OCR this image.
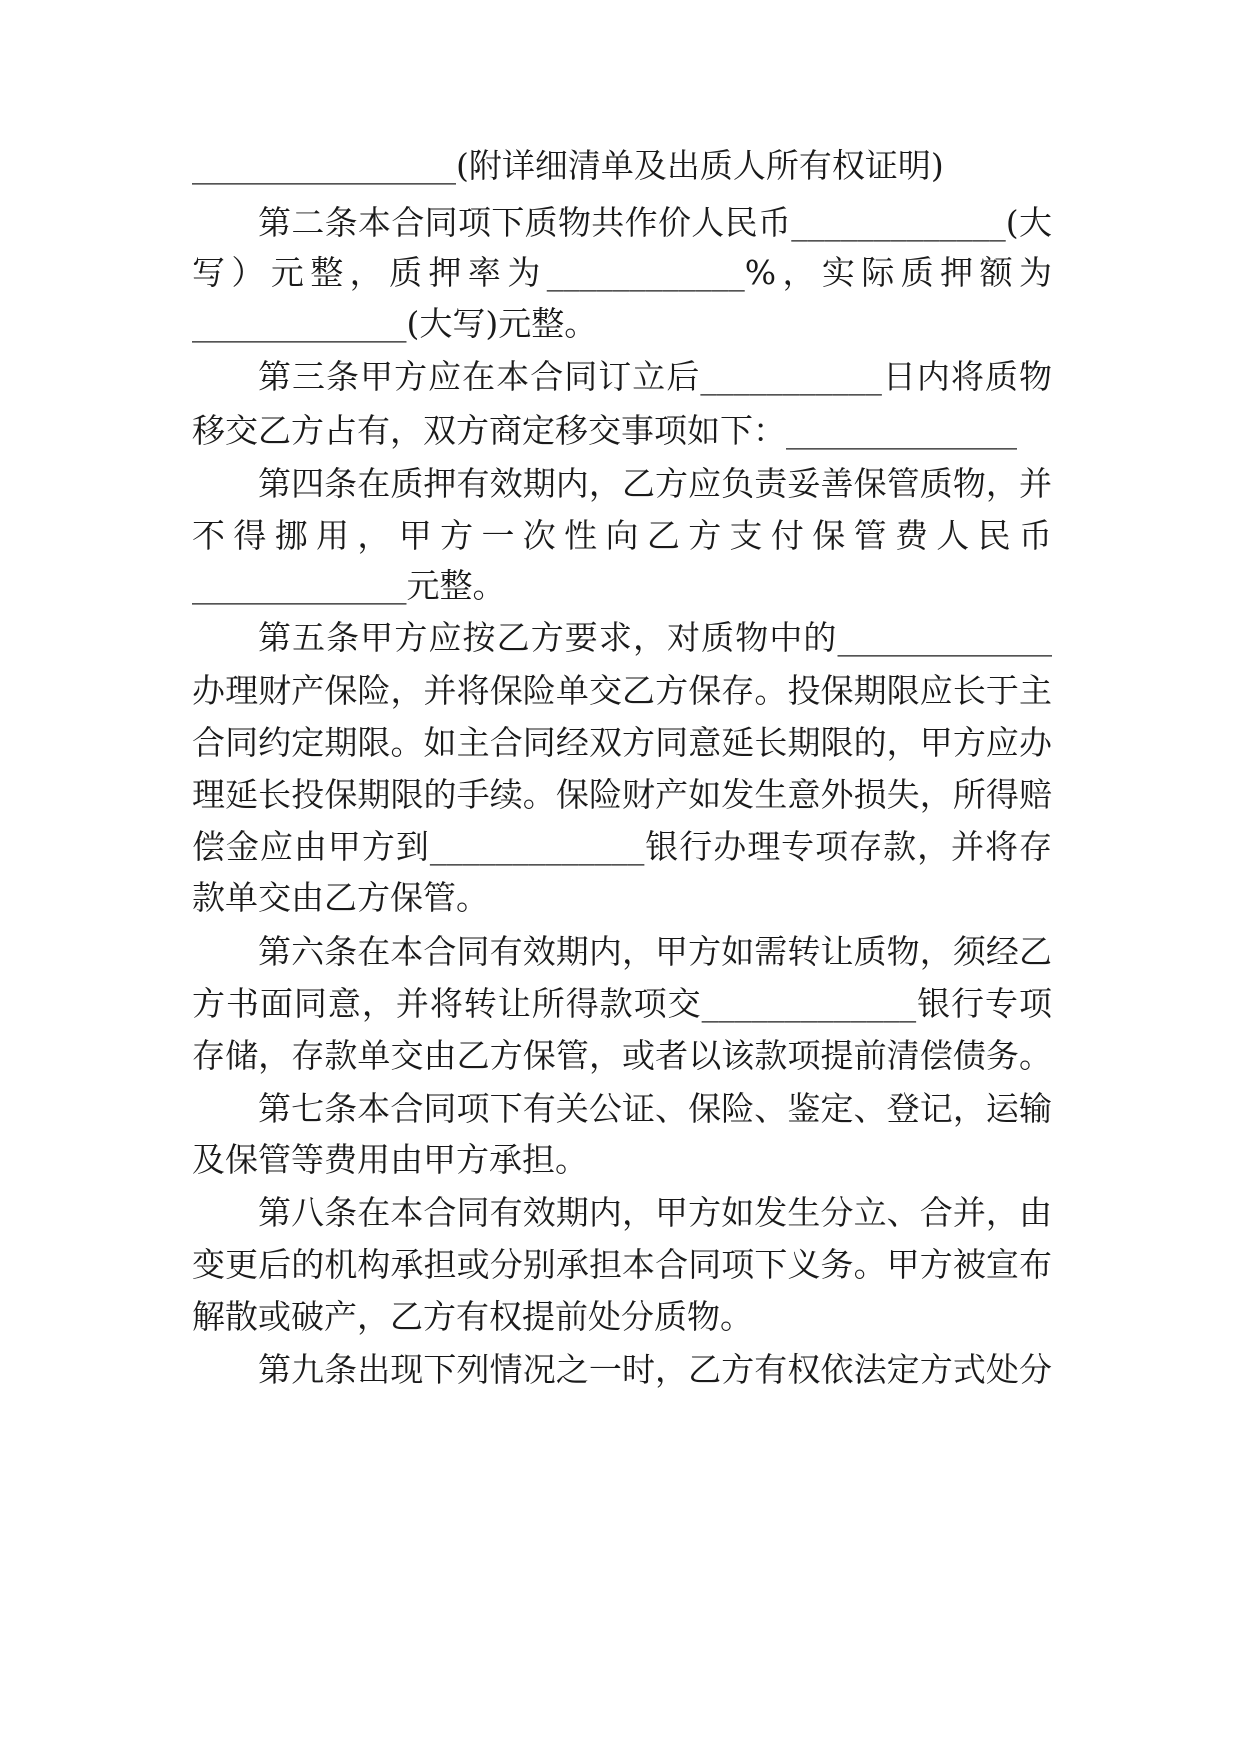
________________(附详细清单及出质人所有权证明)
第二条本合同项下质物共作价人民币_____________(大
写）元整，质押率为____________%，实际质押额为
_____________(大写)元整。
第三条甲方应在本合同订立后___________日内将质物
移交乙方占有，双方商定移交事项如下：______________
第四条在质押有效期内，乙方应负责妥善保管质物，并
不得挪用，甲方一次性向乙方支付保管费人民币
_____________元整。
第五条甲方应按乙方要求，对质物中的_____________
办理财产保险，并将保险单交乙方保存。投保期限应长于主
合同约定期限。如主合同经双方同意延长期限的，甲方应办
理延长投保期限的手续。保险财产如发生意外损失，所得赔
偿金应由甲方到_____________银行办理专项存款，并将存
款单交由乙方保管。
第六条在本合同有效期内，甲方如需转让质物，须经乙
方书面同意，并将转让所得款项交_____________银行专项
存储，存款单交由乙方保管，或者以该款项提前清偿债务。
第七条本合同项下有关公证、保险、鉴定、登记，运输
及保管等费用由甲方承担。
第八条在本合同有效期内，甲方如发生分立、合并，由
变更后的机构承担或分别承担本合同项下义务。甲方被宣布
解散或破产，乙方有权提前处分质物。
第九条出现下列情况之一时，乙方有权依法定方式处分
